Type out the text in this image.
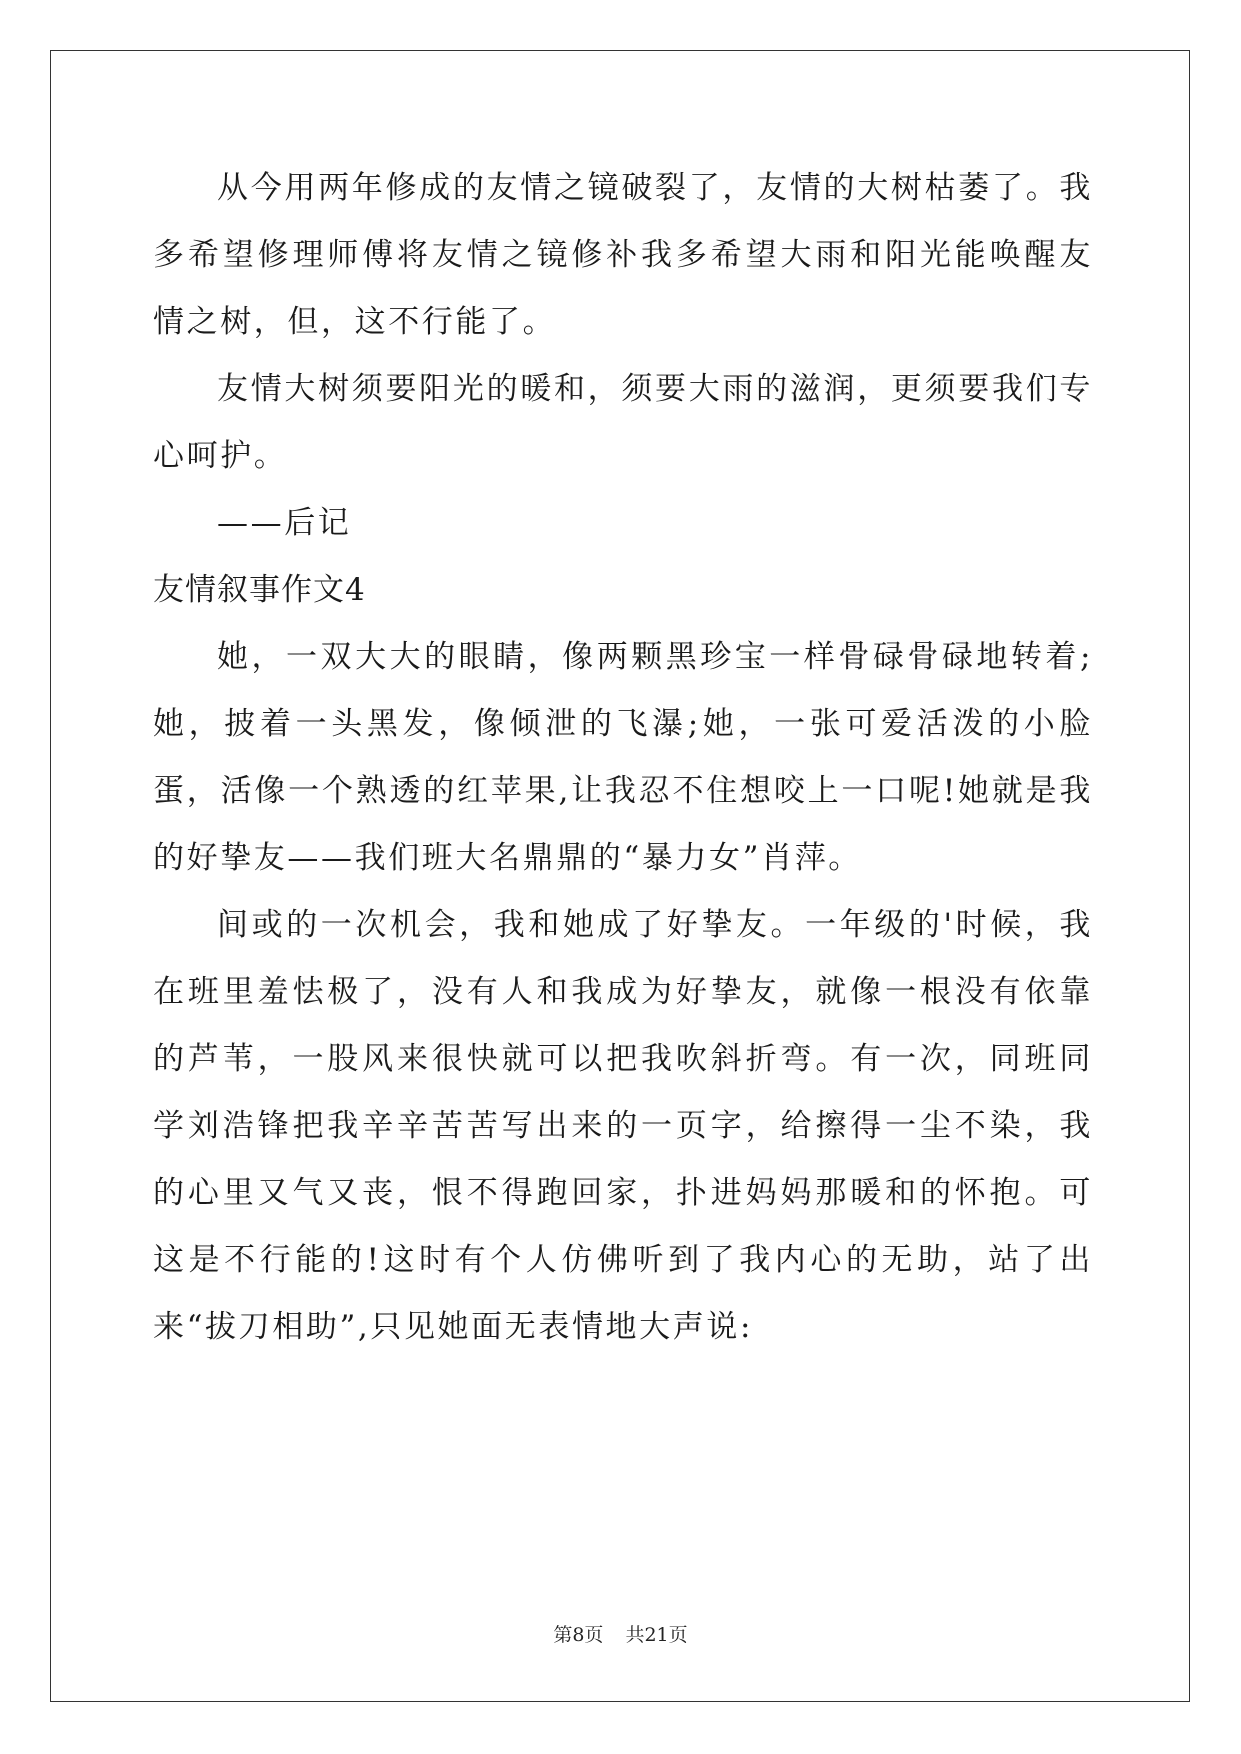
从今用两年修成的友情之镜破裂了，友情的大树枯萎了。我多希望修理师傅将友情之镜修补我多希望大雨和阳光能唤醒友情之树，但，这不行能了。

友情大树须要阳光的暖和，须要大雨的滋润，更须要我们专心呵护。

——后记

友情叙事作文4

她，一双大大的眼睛，像两颗黑珍宝一样骨碌骨碌地转着;她，披着一头黑发，像倾泄的飞瀑;她，一张可爱活泼的小脸蛋，活像一个熟透的红苹果,让我忍不住想咬上一口呢!她就是我的好挚友——我们班大名鼎鼎的“暴力女”肖萍。

间或的一次机会，我和她成了好挚友。一年级的'时候，我在班里羞怯极了，没有人和我成为好挚友，就像一根没有依靠的芦苇，一股风来很快就可以把我吹斜折弯。有一次，同班同学刘浩锋把我辛辛苦苦写出来的一页字，给擦得一尘不染，我的心里又气又丧，恨不得跑回家，扑进妈妈那暖和的怀抱。可这是不行能的!这时有个人仿佛听到了我内心的无助，站了出来“拔刀相助”,只见她面无表情地大声说:

第8页 共21页
